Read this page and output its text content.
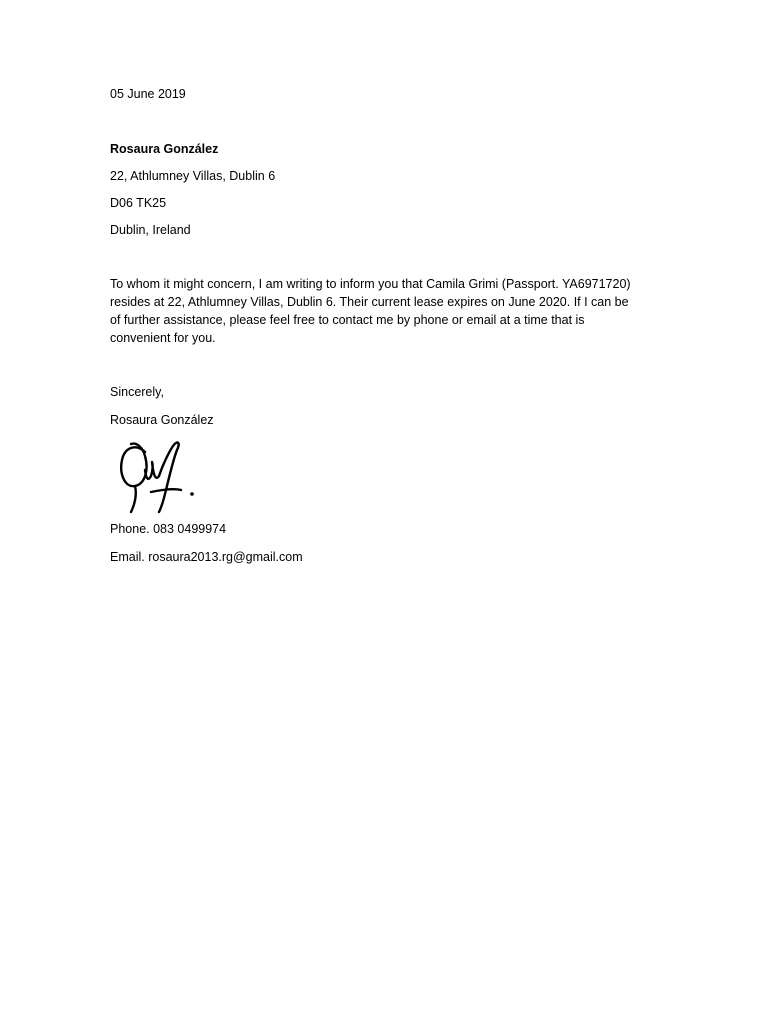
05 June 2019
Rosaura González
22, Athlumney Villas, Dublin 6
D06 TK25
Dublin, Ireland
To whom it might concern, I am writing to inform you that Camila Grimi (Passport. YA6971720)
resides at 22, Athlumney Villas, Dublin 6. Their current lease expires on June 2020. If I can be
of further assistance, please feel free to contact me by phone or email at a time that is
convenient for you.
Sincerely,
Rosaura González
Phone. 083 0499974
Email. rosaura2013.rg@gmail.com
